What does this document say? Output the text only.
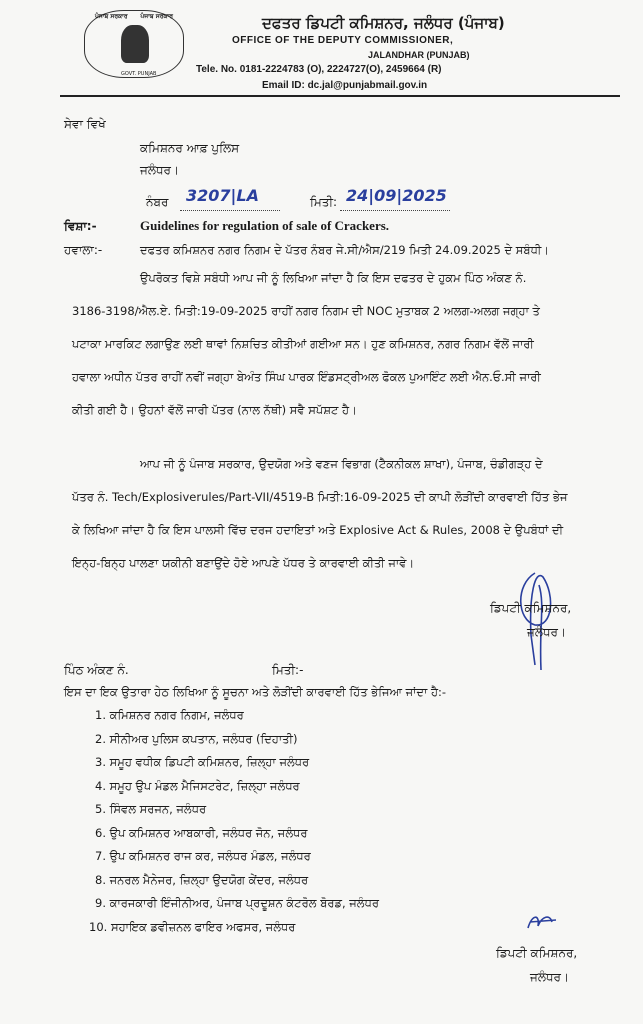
ਪੰਜਾਬ ਸਰਕਾਰ ਪੰਜਾਬ ਸਰਕਾਰ
GOVT. PUNJAB
ਦਫਤਰ ਡਿਪਟੀ ਕਮਿਸ਼ਨਰ, ਜਲੰਧਰ (ਪੰਜਾਬ)
OFFICE OF THE DEPUTY COMMISSIONER,
JALANDHAR (PUNJAB)
Tele. No. 0181-2224783 (O), 2224727(O), 2459664 (R)
Email ID: dc.jal@punjabmail.gov.in
ਸੇਵਾ ਵਿਖੇ
ਕਮਿਸ਼ਨਰ ਆਫ਼ ਪੁਲਿਸ
ਜਲੰਧਰ।
ਨੰਬਰ 3207|LA	ਮਿਤੀ: 24|09|2025
ਵਿਸ਼ਾ:-	Guidelines for regulation of sale of Crackers.
ਹਵਾਲਾ:-	ਦਫਤਰ ਕਮਿਸ਼ਨਰ ਨਗਰ ਨਿਗਮ ਦੇ ਪੱਤਰ ਨੰਬਰ ਜੇ.ਸੀ/ਐਸ/219 ਮਿਤੀ 24.09.2025 ਦੇ ਸਬੰਧੀ।
ਉਪਰੋਕਤ ਵਿਸ਼ੇ ਸਬੰਧੀ ਆਪ ਜੀ ਨੂੰ ਲਿਖਿਆ ਜਾਂਦਾ ਹੈ ਕਿ ਇਸ ਦਫਤਰ ਦੇ ਹੁਕਮ ਪਿੰਠ ਅੰਕਣ ਨੰ.
3186-3198/ਐਲ.ਏ. ਮਿਤੀ:19-09-2025 ਰਾਹੀਂ ਨਗਰ ਨਿਗਮ ਦੀ NOC ਮੁਤਾਬਕ 2 ਅਲਗ-ਅਲਗ ਜਗ੍ਹਾ ਤੇ
ਪਟਾਕਾ ਮਾਰਕਿਟ ਲਗਾਉਣ ਲਈ ਥਾਵਾਂ ਨਿਸ਼ਚਿਤ ਕੀਤੀਆਂ ਗਈਆ ਸਨ। ਹੁਣ ਕਮਿਸ਼ਨਰ, ਨਗਰ ਨਿਗਮ ਵੱਲੋਂ ਜਾਰੀ
ਹਵਾਲਾ ਅਧੀਨ ਪੱਤਰ ਰਾਹੀਂ ਨਵੀਂ ਜਗ੍ਹਾ ਬੇਅੰਤ ਸਿੰਘ ਪਾਰਕ ਇੰਡਸਟ੍ਰੀਅਲ ਫੋਕਲ ਪੁਆਇੰਟ ਲਈ ਐਨ.ਓ.ਸੀ ਜਾਰੀ
ਕੀਤੀ ਗਈ ਹੈ। ਉਹਨਾਂ ਵੱਲੋਂ ਜਾਰੀ ਪੱਤਰ (ਨਾਲ ਨੱਥੀ) ਸਵੈ ਸਪੱਸ਼ਟ ਹੈ।
ਆਪ ਜੀ ਨੂੰ ਪੰਜਾਬ ਸਰਕਾਰ, ਉਦਯੋਗ ਅਤੇ ਵਣਜ ਵਿਭਾਗ (ਟੈਕਨੀਕਲ ਸ਼ਾਖਾ), ਪੰਜਾਬ, ਚੰਡੀਗੜ੍ਹ ਦੇ
ਪੱਤਰ ਨੰ. Tech/Explosiverules/Part-VII/4519-B ਮਿਤੀ:16-09-2025 ਦੀ ਕਾਪੀ ਲੋੜੀਂਦੀ ਕਾਰਵਾਈ ਹਿੱਤ ਭੇਜ
ਕੇ ਲਿਖਿਆ ਜਾਂਦਾ ਹੈ ਕਿ ਇਸ ਪਾਲਸੀ ਵਿੱਚ ਦਰਜ ਹਦਾਇਤਾਂ ਅਤੇ Explosive Act & Rules, 2008 ਦੇ ਉਪਬੰਧਾਂ ਦੀ
ਇਨ੍ਹ-ਬਿਨ੍ਹ ਪਾਲਣਾ ਯਕੀਨੀ ਬਣਾਉਂਦੇ ਹੋਏ ਆਪਣੇ ਪੱਧਰ ਤੇ ਕਾਰਵਾਈ ਕੀਤੀ ਜਾਵੇ।
ਡਿਪਟੀ ਕਮਿਸ਼ਨਰ,
ਜਲੰਧਰ।
ਪਿੰਠ ਅੰਕਣ ਨੰ.	ਮਿਤੀ:-
ਇਸ ਦਾ ਇਕ ਉਤਾਰਾ ਹੇਠ ਲਿਖਿਆ ਨੂੰ ਸੂਚਨਾ ਅਤੇ ਲੋੜੀਂਦੀ ਕਾਰਵਾਈ ਹਿੱਤ ਭੇਜਿਆ ਜਾਂਦਾ ਹੈ:-
1. ਕਮਿਸ਼ਨਰ ਨਗਰ ਨਿਗਮ, ਜਲੰਧਰ
2. ਸੀਨੀਅਰ ਪੁਲਿਸ ਕਪਤਾਨ, ਜਲੰਧਰ (ਦਿਹਾਤੀ)
3. ਸਮੂਹ ਵਧੀਕ ਡਿਪਟੀ ਕਮਿਸ਼ਨਰ, ਜ਼ਿਲ੍ਹਾ ਜਲੰਧਰ
4. ਸਮੂਹ ਉਪ ਮੰਡਲ ਮੈਜਿਸਟਰੇਟ, ਜ਼ਿਲ੍ਹਾ ਜਲੰਧਰ
5. ਸਿੰਵਲ ਸਰਜਨ, ਜਲੰਧਰ
6. ਉਪ ਕਮਿਸ਼ਨਰ ਆਬਕਾਰੀ, ਜਲੰਧਰ ਜੋਨ, ਜਲੰਧਰ
7. ਉਪ ਕਮਿਸ਼ਨਰ ਰਾਜ ਕਰ, ਜਲੰਧਰ ਮੰਡਲ, ਜਲੰਧਰ
8. ਜਨਰਲ ਮੈਨੇਜਰ, ਜ਼ਿਲ੍ਹਾ ਉਦਯੋਗ ਕੇਂਦਰ, ਜਲੰਧਰ
9. ਕਾਰਜਕਾਰੀ ਇੰਜੀਨੀਅਰ, ਪੰਜਾਬ ਪ੍ਰਦੂਸ਼ਨ ਕੰਟਰੋਲ ਬੋਰਡ, ਜਲੰਧਰ
10. ਸਹਾਇਕ ਡਵੀਜ਼ਨਲ ਫਾਇਰ ਅਫਸਰ, ਜਲੰਧਰ
ਡਿਪਟੀ ਕਮਿਸ਼ਨਰ,
ਜਲੰਧਰ।
